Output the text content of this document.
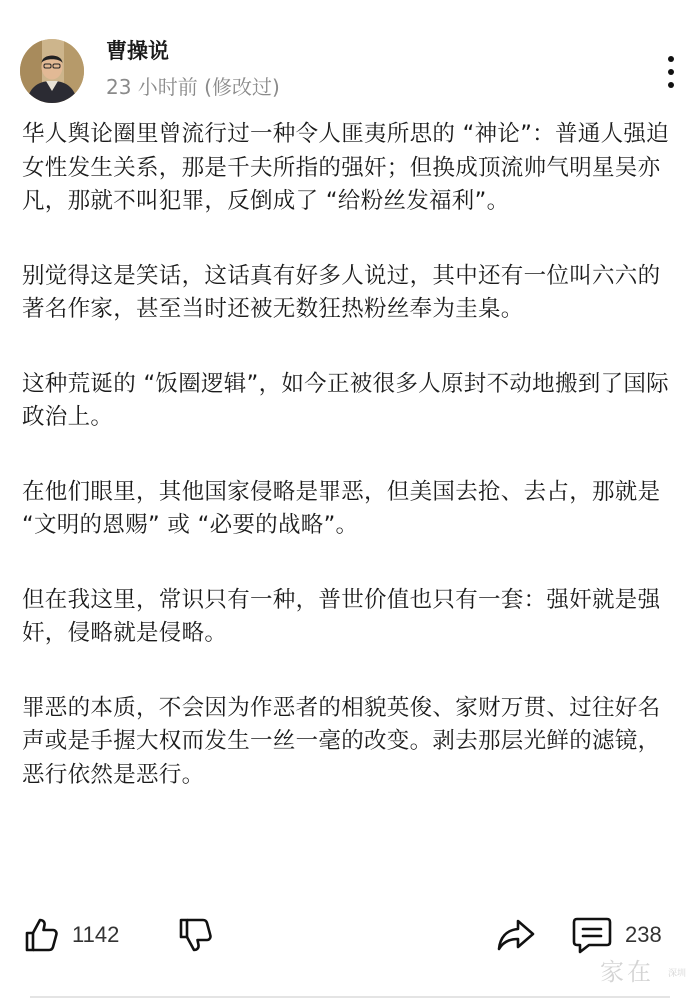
曹操说
23 小时前 (修改过)

华人舆论圈里曾流行过一种令人匪夷所思的 “神论”：普通人强迫女性发生关系，那是千夫所指的强奸；但换成顶流帅气明星吴亦凡，那就不叫犯罪，反倒成了 “给粉丝发福利”。

别觉得这是笑话，这话真有好多人说过，其中还有一位叫六六的著名作家，甚至当时还被无数狂热粉丝奉为圭臬。

这种荒诞的 “饭圈逻辑”，如今正被很多人原封不动地搬到了国际政治上。

在他们眼里，其他国家侵略是罪恶，但美国去抢、去占，那就是 “文明的恩赐” 或 “必要的战略”。

但在我这里，常识只有一种，普世价值也只有一套：强奸就是强奸，侵略就是侵略。

罪恶的本质，不会因为作恶者的相貌英俊、家财万贯、过往好名声或是手握大权而发生一丝一毫的改变。剥去那层光鲜的滤镜，恶行依然是恶行。

1142	238
家在 深圳
